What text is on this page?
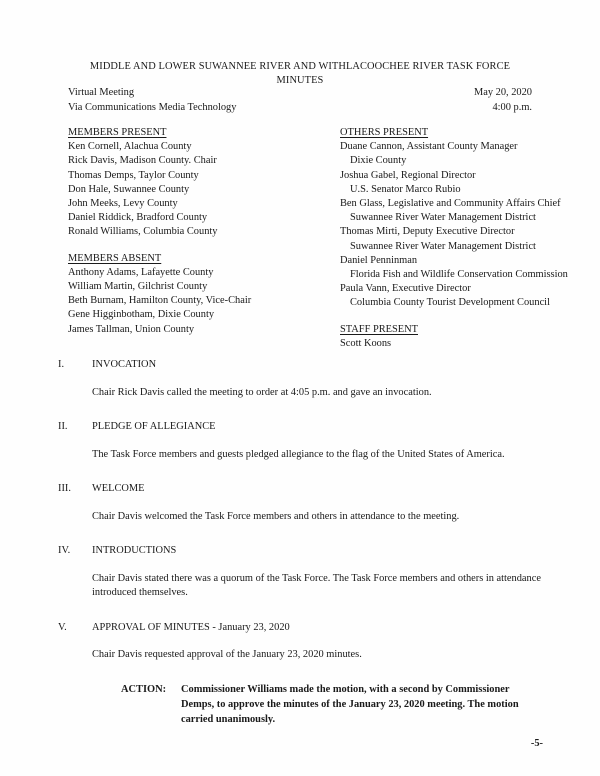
MIDDLE AND LOWER SUWANNEE RIVER AND WITHLACOOCHEE RIVER TASK FORCE
MINUTES
Virtual Meeting	May 20, 2020
Via Communications Media Technology	4:00 p.m.
MEMBERS PRESENT
Ken Cornell, Alachua County
Rick Davis, Madison County. Chair
Thomas Demps, Taylor County
Don Hale, Suwannee County
John Meeks, Levy County
Daniel Riddick, Bradford County
Ronald Williams, Columbia County
MEMBERS ABSENT
Anthony Adams, Lafayette County
William Martin, Gilchrist County
Beth Burnam, Hamilton County, Vice-Chair
Gene Higginbotham, Dixie County
James Tallman, Union County
OTHERS PRESENT
Duane Cannon, Assistant County Manager
Dixie County
Joshua Gabel, Regional Director
U.S. Senator Marco Rubio
Ben Glass, Legislative and Community Affairs Chief
Suwannee River Water Management District
Thomas Mirti, Deputy Executive Director
Suwannee River Water Management District
Daniel Penninman
Florida Fish and Wildlife Conservation Commission
Paula Vann, Executive Director
Columbia County Tourist Development Council
STAFF PRESENT
Scott Koons
I.	INVOCATION
Chair Rick Davis called the meeting to order at 4:05 p.m. and gave an invocation.
II.	PLEDGE OF ALLEGIANCE
The Task Force members and guests pledged allegiance to the flag of the United States of America.
III.	WELCOME
Chair Davis welcomed the Task Force members and others in attendance to the meeting.
IV.	INTRODUCTIONS
Chair Davis stated there was a quorum of the Task Force. The Task Force members and others in attendance introduced themselves.
V.	APPROVAL OF MINUTES - January 23, 2020
Chair Davis requested approval of the January 23, 2020 minutes.
ACTION:	Commissioner Williams made the motion, with a second by Commissioner Demps, to approve the minutes of the January 23, 2020 meeting. The motion carried unanimously.
-5-
